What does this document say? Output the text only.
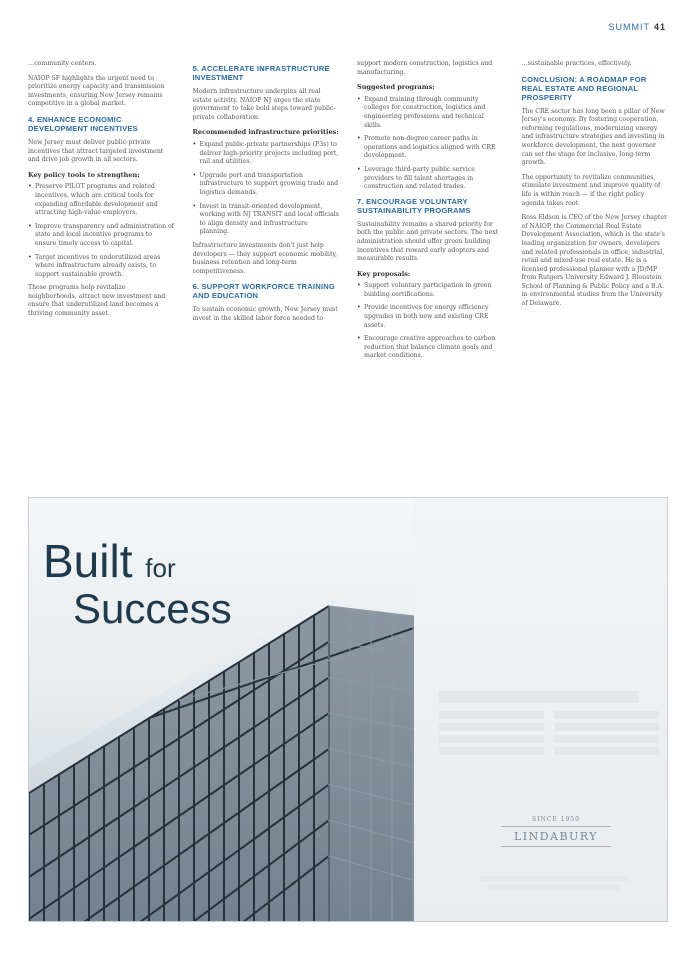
SUMMIT 41

…community centers.

NAIOP SF highlights the urgent need to prioritize energy capacity and transmission investments, ensuring New Jersey remains competitive in a global market.

4. ENHANCE ECONOMIC DEVELOPMENT INCENTIVES

New Jersey must deliver public-private incentives that attract targeted investment and drive job growth in all sectors.

Key policy tools to strengthen:
• Preserve PILOT programs and related incentives, which are critical tools for expanding affordable development and attracting high-value employers.
• Improve transparency and administration of state and local incentive programs to ensure timely access to capital.
• Target incentives to underutilized areas where infrastructure already exists, to support sustainable growth.

These programs help revitalize neighborhoods, attract new investment and ensure that underutilized land becomes a thriving community asset.

5. ACCELERATE INFRASTRUCTURE INVESTMENT

Modern infrastructure underpins all real estate activity. NAIOP NJ urges the state government to take bold steps toward public-private collaboration.

Recommended infrastructure priorities:
• Expand public-private partnerships (P3s) to deliver high-priority projects including port, rail and utilities.
• Upgrade port and transportation infrastructure to support growing trade and logistics demands.
• Invest in transit-oriented development, working with NJ TRANSIT and local officials to align density and infrastructure planning.

Infrastructure investments don't just help developers — they support economic mobility, business retention and long-term competitiveness.

6. SUPPORT WORKFORCE TRAINING AND EDUCATION

To sustain economic growth, New Jersey must invest in the skilled labor force needed to

support modern construction, logistics and manufacturing.

Suggested programs:
• Expand training through community colleges for construction, logistics and engineering professions and technical skills.
• Promote non-degree career paths in operations and logistics aligned with CRE development.
• Leverage third-party public service providers to fill talent shortages in construction and related trades.
7. ENCOURAGE VOLUNTARY SUSTAINABILITY PROGRAMS

Sustainability remains a shared priority for both the public and private sectors. The next administration should offer green building incentives that reward early adopters and measurable results.

Key proposals:
• Support voluntary participation in green building certifications.
• Provide incentives for energy efficiency upgrades in both new and existing CRE assets.
• Encourage creative approaches to carbon reduction that balance climate goals and market conditions.

…sustainable practices, effectively.

CONCLUSION: A ROADMAP FOR REAL ESTATE AND REGIONAL PROSPERITY

The CRE sector has long been a pillar of New Jersey's economy. By fostering cooperation, reforming regulations, modernizing energy and infrastructure strategies and investing in workforce development, the next governor can set the stage for inclusive, long-term growth.

The opportunity to revitalize communities, stimulate investment and improve quality of life is within reach — if the right policy agenda takes root.

Ross Eldson is CEO of the New Jersey chapter of NAIOP, the Commercial Real Estate Development Association, which is the state's leading organization for owners, developers and related professionals in office, industrial, retail and mixed-use real estate. He is a licensed professional planner with a JD/MP from Rutgers University Edward J. Bloustein School of Planning & Public Policy and a B.A. in environmental studies from the University of Delaware.

Built for
Success
SINCE 1950
LINDABURY
